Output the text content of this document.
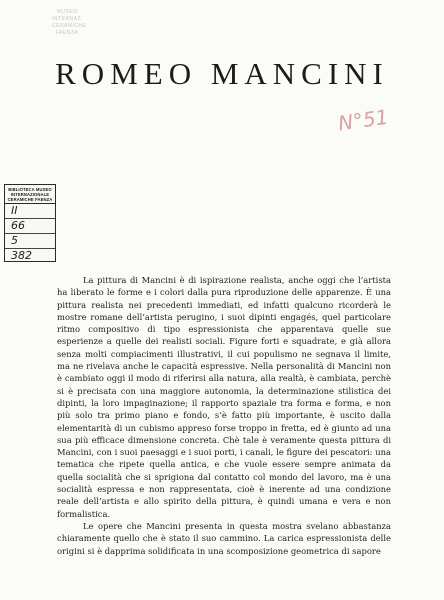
MUSEO
INTERNAZ.
CERAMICHE
FAENZA
ROMEO MANCINI
N°51
BIBLIOTECA MUSEO INTERNAZIONALE CERAMICHE FAENZA
II
66
5
382

La pittura di Mancini è di ispirazione realista, anche oggi che l’artista ha liberato le forme e i colori dalla pura riproduzione delle apparenze. È una pittura realista nei precedenti immediati, ed infatti qualcuno ricorderà le mostre romane dell’artista perugino, i suoi dipinti engagés, quel particolare ritmo compositivo di tipo espressionista che apparentava quelle sue esperienze a quelle dei realisti sociali. Figure forti e squadrate, e già allora senza molti compiacimenti illustrativi, il cui populismo ne segnava il limite, ma ne rivelava anche le capacità espressive. Nella personalità di Mancini non è cambiato oggi il modo di riferirsi alla natura, alla realtà, è cambiata, perchè si è precisata con una maggiore autonomia, la determinazione stilistica dei dipinti, la loro impaginazione; il rapporto spaziale tra forma e forma, e non più solo tra primo piano e fondo, s’è fatto più importante, è uscito dalla elementarità di un cubismo appreso forse troppo in fretta, ed è giunto ad una sua più efficace dimensione concreta. Chè tale è veramente questa pittura di Mancini, con i suoi paesaggi e i suoi porti, i canali, le figure dei pescatori: una tematica che ripete quella antica, e che vuole essere sempre animata da quella socialità che si sprigiona dal contatto col mondo del lavoro, ma è una socialità espressa e non rappresentata, cioè è inerente ad una condizione reale dell’artista e allo spirito della pittura, è quindi umana e vera e non formalistica.

Le opere che Mancini presenta in questa mostra svelano abbastanza chiaramente quello che è stato il suo cammino. La carica espressionista delle origini si è dapprima solidificata in una scomposizione geometrica di sapore
